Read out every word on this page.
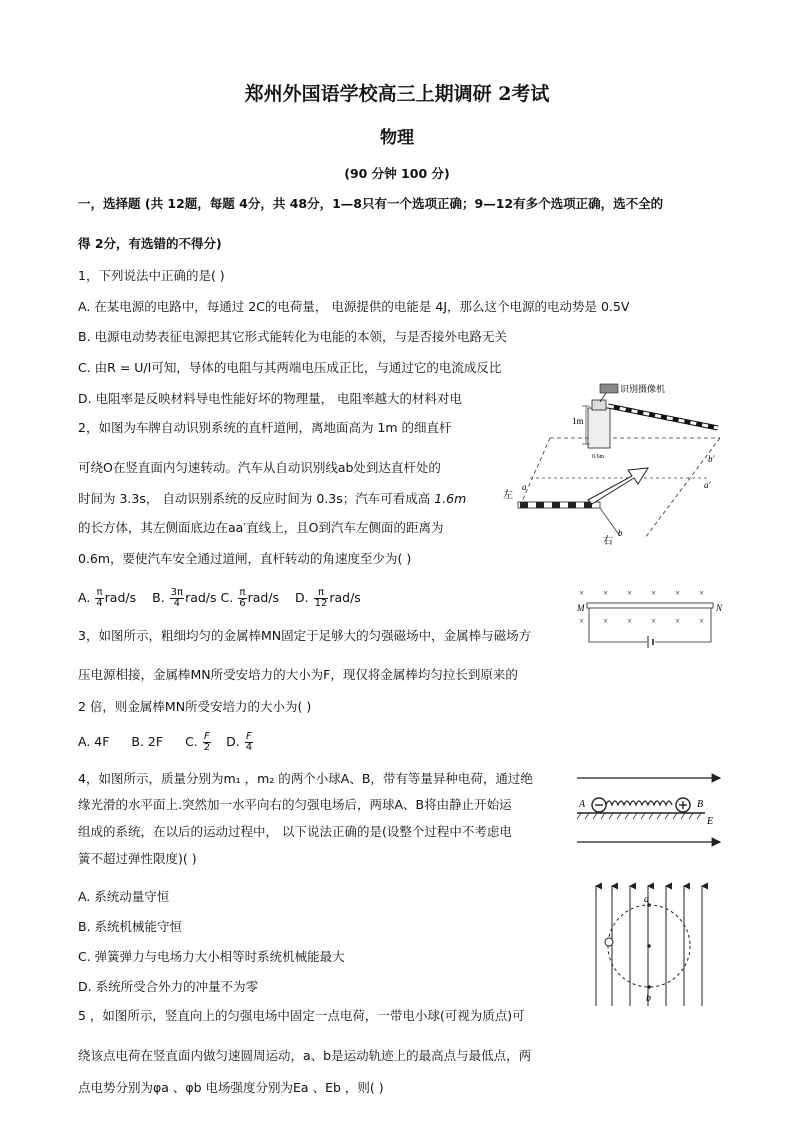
郑州外国语学校高三上期调研 2考试
物理
(90 分钟 100 分)
一，选择题 (共 12题，每题 4分，共 48分，1—8只有一个选项正确；9—12有多个选项正确，选不全的
得 2分，有选错的不得分)
1，下列说法中正确的是( )
A. 在某电源的电路中，每通过 2C的电荷量， 电源提供的电能是 4J，那么这个电源的电动势是 0.5V
B. 电源电动势表征电源把其它形式能转化为电能的本领，与是否接外电路无关
C. 由R = U/I可知，导体的电阻与其两端电压成正比，与通过它的电流成反比
D. 电阻率是反映材料导电性能好坏的物理量， 电阻率越大的材料对电
2，如图为车牌自动识别系统的直杆道闸，离地面高为 1m 的细直杆
可绕O在竖直面内匀速转动。汽车从自动识别线ab处到达直杆处的
时间为 3.3s， 自动识别系统的反应时间为 0.3s；汽车可看成高 1.6m
的长方体，其左侧面底边在aa′直线上，且O到汽车左侧面的距离为
0.6m，要使汽车安全通过道闸，直杆转动的角速度至少为( )
A. $\frac{\pi}{4} rad/s$ B. $\frac{3\pi}{4} rad/s$ C. $\frac{\pi}{6} rad/s$ D. $\frac{\pi}{12} rad/s$
1m
识别摄像机
0.6m
左
右
a	a′
b
b′
3，如图所示，粗细均匀的金属棒MN固定于足够大的匀强磁场中，金属棒与磁场方
压电源相接，金属棒MN所受安培力的大小为F，现仅将金属棒均匀拉长到原来的
2 倍，则金属棒MN所受安培力的大小为( )
A. 4F B. 2F C. $\frac{F}{2} D$. $\frac{F}{4}$
× × × × × ×
× × × × × ×
M	N
4，如图所示，质量分别为m₁ ，m₂ 的两个小球A、B，带有等量异种电荷，通过绝
缘光滑的水平面上.突然加一水平向右的匀强电场后，两球A、B将由静止开始运
组成的系统，在以后的运动过程中， 以下说法正确的是(设整个过程中不考虑电
簧不超过弹性限度)( )
A. 系统动量守恒
B. 系统机械能守恒
C. 弹簧弹力与电场力大小相等时系统机械能最大
D. 系统所受合外力的冲量不为零
A	B
E
a
b
5 ，如图所示，竖直向上的匀强电场中固定一点电荷，一带电小球(可视为质点)可
绕该点电荷在竖直面内做匀速圆周运动，a、b是运动轨迹上的最高点与最低点，两
点电势分别为φa 、φb 电场强度分别为Ea 、Eb ，则( )
